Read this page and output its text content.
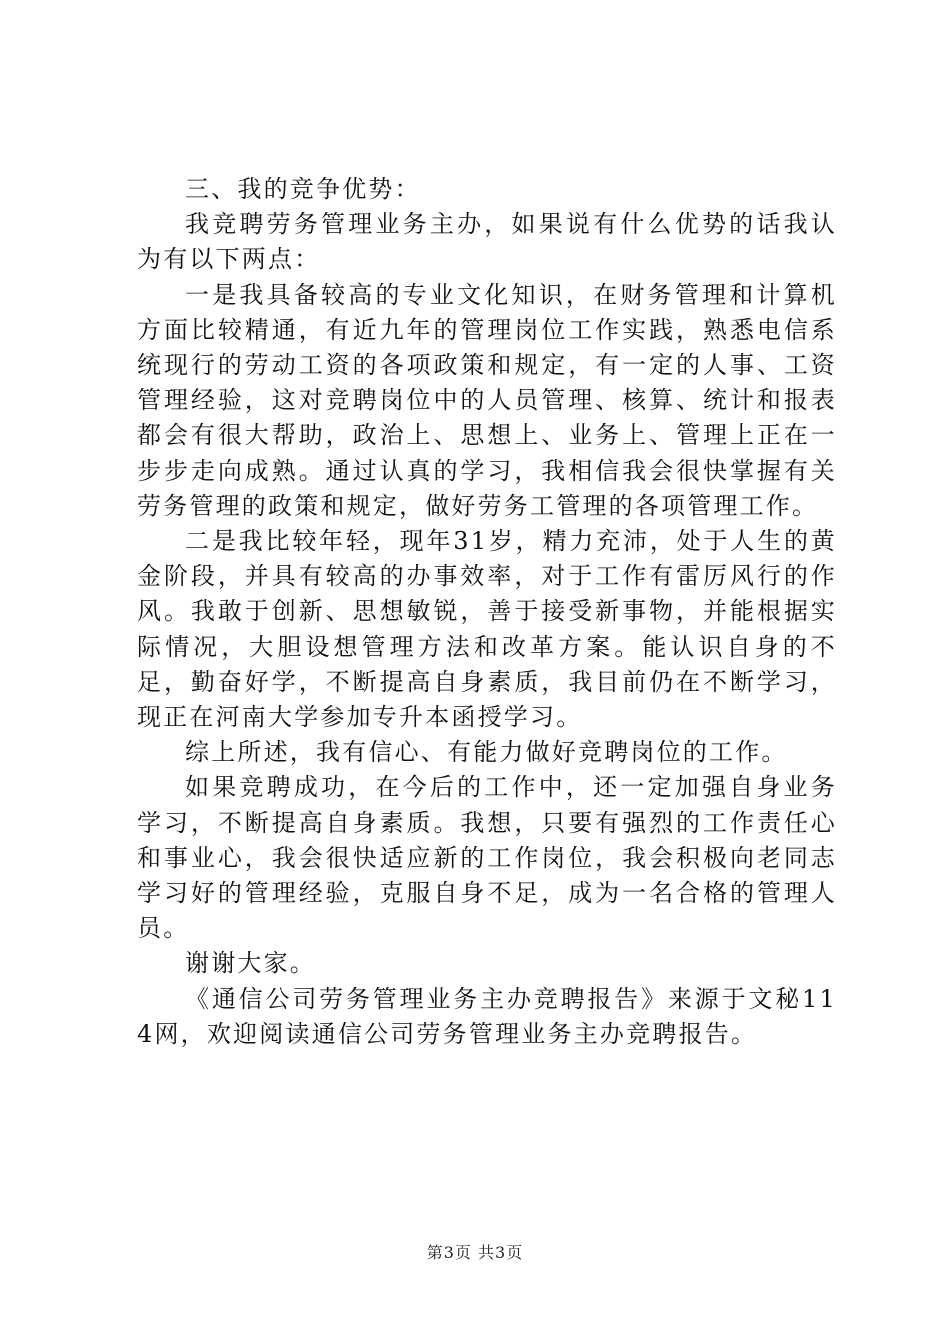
三、我的竞争优势：

我竞聘劳务管理业务主办，如果说有什么优势的话我认为有以下两点：

一是我具备较高的专业文化知识，在财务管理和计算机方面比较精通，有近九年的管理岗位工作实践，熟悉电信系统现行的劳动工资的各项政策和规定，有一定的人事、工资管理经验，这对竞聘岗位中的人员管理、核算、统计和报表都会有很大帮助，政治上、思想上、业务上、管理上正在一步步走向成熟。通过认真的学习，我相信我会很快掌握有关劳务管理的政策和规定，做好劳务工管理的各项管理工作。

二是我比较年轻，现年31岁，精力充沛，处于人生的黄金阶段，并具有较高的办事效率，对于工作有雷厉风行的作风。我敢于创新、思想敏锐，善于接受新事物，并能根据实际情况，大胆设想管理方法和改革方案。能认识自身的不足，勤奋好学，不断提高自身素质，我目前仍在不断学习，现正在河南大学参加专升本函授学习。

综上所述，我有信心、有能力做好竞聘岗位的工作。

如果竞聘成功，在今后的工作中，还一定加强自身业务学习，不断提高自身素质。我想，只要有强烈的工作责任心和事业心，我会很快适应新的工作岗位，我会积极向老同志学习好的管理经验，克服自身不足，成为一名合格的管理人员。

谢谢大家。

《通信公司劳务管理业务主办竞聘报告》来源于文秘114网，欢迎阅读通信公司劳务管理业务主办竞聘报告。

第3页 共3页
